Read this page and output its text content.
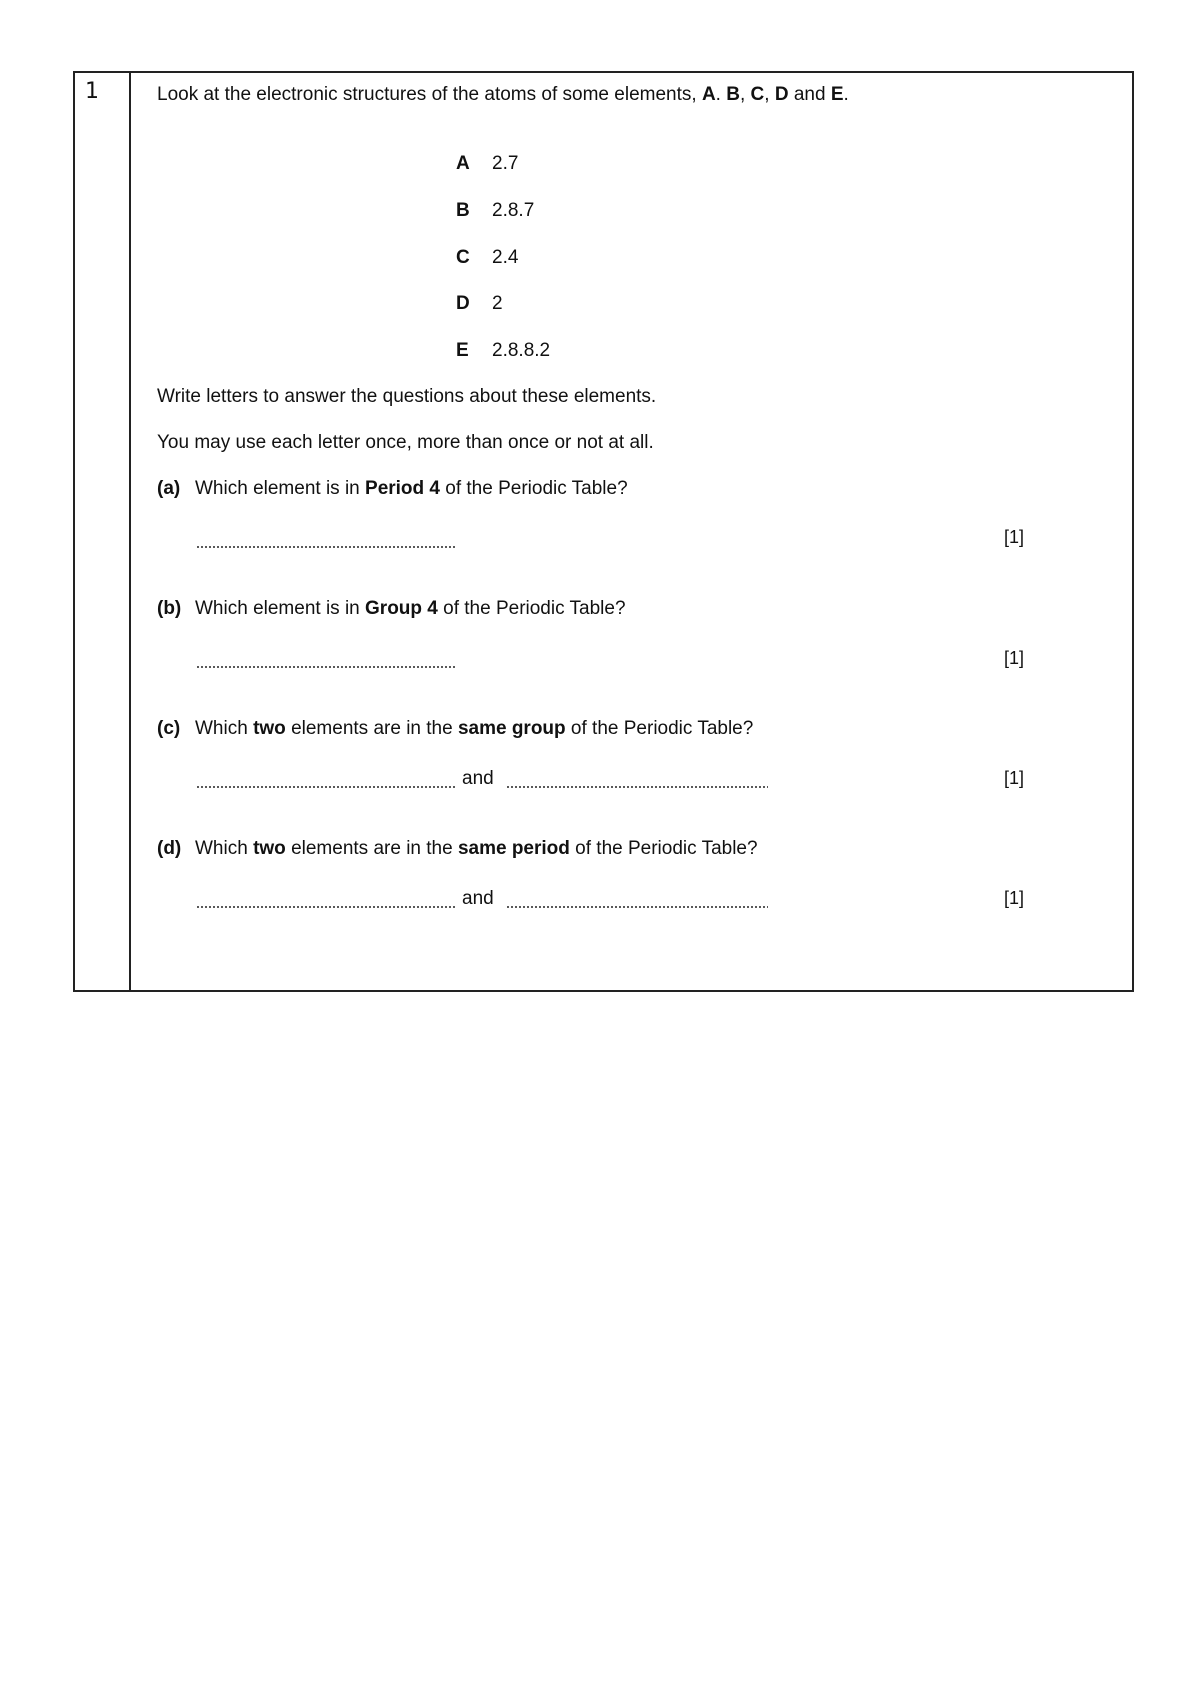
1	Look at the electronic structures of the atoms of some elements, A. B, C, D and E.
A 2.7
B 2.8.7
C 2.4
D 2
E 2.8.8.2
Write letters to answer the questions about these elements.
You may use each letter once, more than once or not at all.
(a) Which element is in Period 4 of the Periodic Table?
[1]
(b) Which element is in Group 4 of the Periodic Table?
[1]
(c) Which two elements are in the same group of the Periodic Table?
and	[1]
(d) Which two elements are in the same period of the Periodic Table?
and	[1]
